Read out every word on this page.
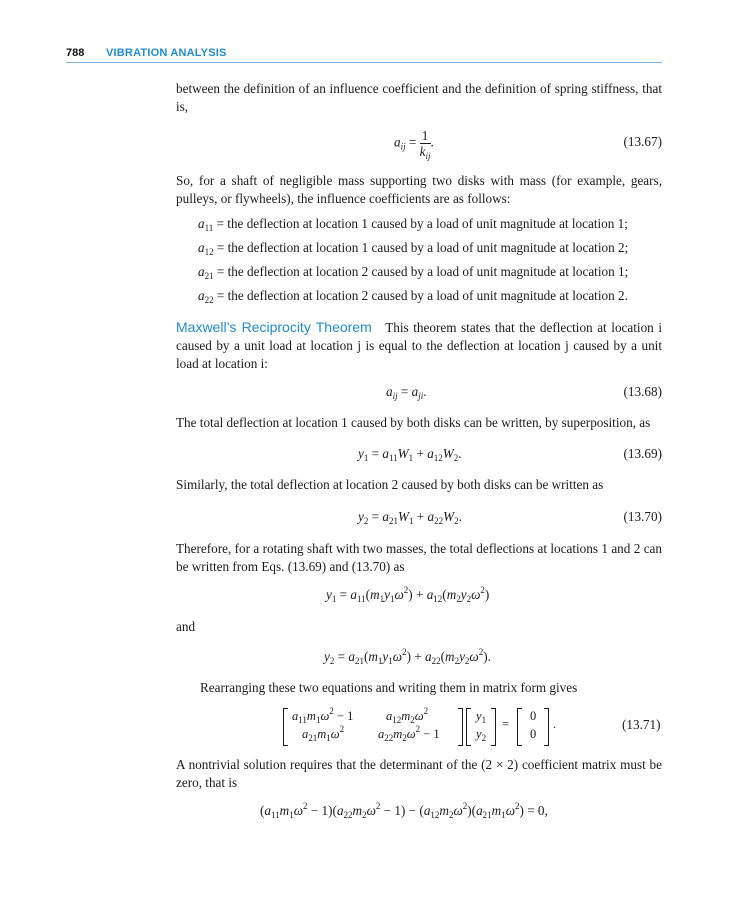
788 VIBRATION ANALYSIS
between the definition of an influence coefficient and the definition of spring stiffness, that is,
$a_{ij} = \frac{1}{k_{ij}}$ .	(13.67)
So, for a shaft of negligible mass supporting two disks with mass (for example, gears, pulleys, or flywheels), the influence coefficients are as follows:
$a_{11}$ = the deflection at location 1 caused by a load of unit magnitude at location 1;
$a_{12}$ = the deflection at location 1 caused by a load of unit magnitude at location 2;
$a_{21}$ = the deflection at location 2 caused by a load of unit magnitude at location 1;
$a_{22}$ = the deflection at location 2 caused by a load of unit magnitude at location 2.
Maxwell’s Reciprocity Theorem This theorem states that the deflection at location i caused by a unit load at location j is equal to the deflection at location j caused by a unit load at location i:
$a_{ij} = a_{ji}$.	(13.68)
The total deflection at location 1 caused by both disks can be written, by superposition, as
$y_1 = a_{11}W_1 + a_{12}W_2$.	(13.69)
Similarly, the total deflection at location 2 caused by both disks can be written as
$y_2 = a_{21}W_1 + a_{22}W_2$.	(13.70)
Therefore, for a rotating shaft with two masses, the total deflections at locations 1 and 2 can be written from Eqs. (13.69) and (13.70) as
$y_1 = a_{11}(m_1y_1\omega^2) + a_{12}(m_2y_2\omega^2)$
and
$y_2 = a_{21}(m_1y_1\omega^2) + a_{22}(m_2y_2\omega^2)$.
Rearranging these two equations and writing them in matrix form gives
$a_{11}m_1\omega^2 - 1$	$a_{12}m_2\omega^2$
$a_{21}m_1\omega^2$	$a_{22}m_2\omega^2 - 1$
$y_1$
$y_2$
=
0
0
.	(13.71)
A nontrivial solution requires that the determinant of the (2 × 2) coefficient matrix must be zero, that is
$(a_{11}m_1\omega^2 - 1)(a_{22}m_2\omega^2 - 1) - (a_{12}m_2\omega^2)(a_{21}m_1\omega^2) = 0$,
